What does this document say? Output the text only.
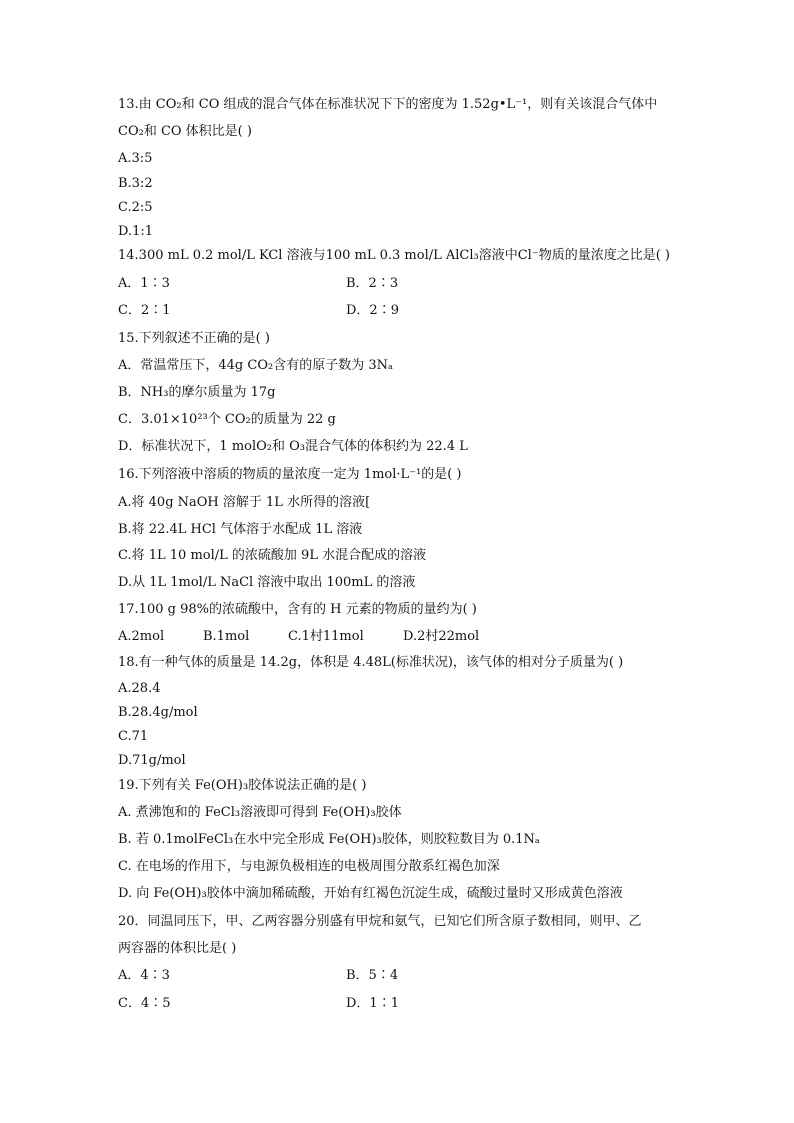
13.由 CO₂和 CO 组成的混合气体在标准状况下下的密度为 1.52g•L⁻¹，则有关该混合气体中
CO₂和 CO 体积比是( )
A.3:5
B.3:2
C.2:5
D.1:1
14.300 mL 0.2 mol/L KCl 溶液与100 mL 0.3 mol/L AlCl₃溶液中Cl⁻物质的量浓度之比是( )
A．1∶3	B．2∶3
C．2∶1	D．2∶9
15.下列叙述不正确的是( )
A．常温常压下，44g CO₂含有的原子数为 3Nₐ
B．NH₃的摩尔质量为 17g
C．3.01×10²³个 CO₂的质量为 22 g
D．标准状况下，1 molO₂和 O₃混合气体的体积约为 22.4 L
16.下列溶液中溶质的物质的量浓度一定为 1mol·L⁻¹的是( )
A.将 40g NaOH 溶解于 1L 水所得的溶液[
B.将 22.4L HCl 气体溶于水配成 1L 溶液
C.将 1L 10 mol/L 的浓硫酸加 9L 水混合配成的溶液
D.从 1L 1mol/L NaCl 溶液中取出 100mL 的溶液
17.100 g 98%的浓硫酸中，含有的 H 元素的物质的量约为( )
A.2mol	B.1mol	C.1村11mol	D.2村22mol
18.有一种气体的质量是 14.2g，体积是 4.48L(标准状况)，该气体的相对分子质量为( )
A.28.4
B.28.4g/mol
C.71
D.71g/mol
19.下列有关 Fe(OH)₃胶体说法正确的是( )
A. 煮沸饱和的 FeCl₃溶液即可得到 Fe(OH)₃胶体
B. 若 0.1molFeCl₃在水中完全形成 Fe(OH)₃胶体，则胶粒数目为 0.1Nₐ
C. 在电场的作用下，与电源负极相连的电极周围分散系红褐色加深
D. 向 Fe(OH)₃胶体中滴加稀硫酸，开始有红褐色沉淀生成，硫酸过量时又形成黄色溶液
20．同温同压下，甲、乙两容器分别盛有甲烷和氨气，已知它们所含原子数相同，则甲、乙
两容器的体积比是( )
A．4∶3	B．5∶4
C．4∶5	D．1∶1
